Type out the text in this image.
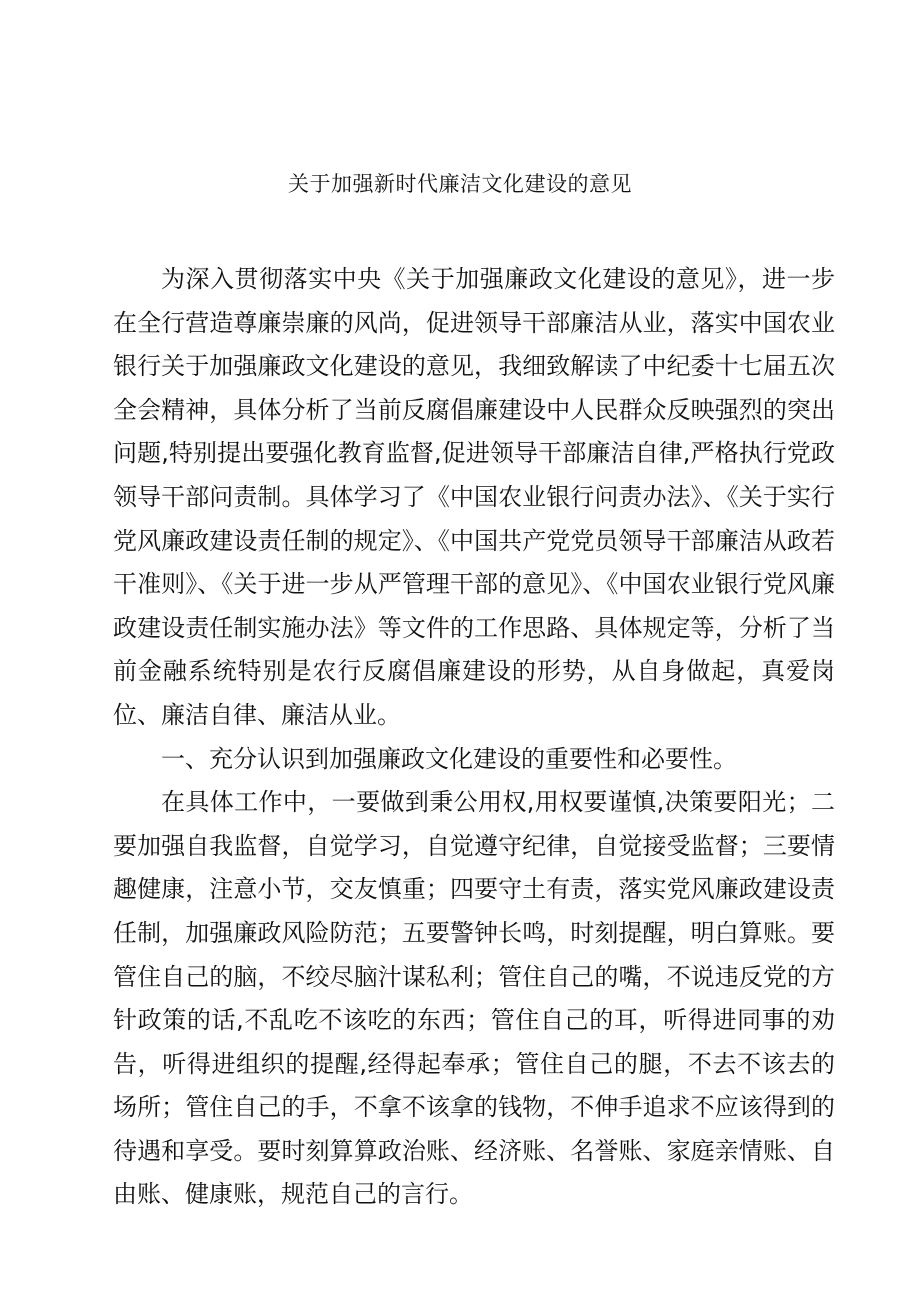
关于加强新时代廉洁文化建设的意见

为深入贯彻落实中央《关于加强廉政文化建设的意见》，进一步在全行营造尊廉崇廉的风尚，促进领导干部廉洁从业，落实中国农业银行关于加强廉政文化建设的意见，我细致解读了中纪委十七届五次全会精神，具体分析了当前反腐倡廉建设中人民群众反映强烈的突出问题,特别提出要强化教育监督,促进领导干部廉洁自律,严格执行党政领导干部问责制。具体学习了《中国农业银行问责办法》、《关于实行党风廉政建设责任制的规定》、《中国共产党党员领导干部廉洁从政若干准则》、《关于进一步从严管理干部的意见》、《中国农业银行党风廉政建设责任制实施办法》等文件的工作思路、具体规定等，分析了当前金融系统特别是农行反腐倡廉建设的形势，从自身做起，真爱岗位、廉洁自律、廉洁从业。

一、充分认识到加强廉政文化建设的重要性和必要性。

在具体工作中，一要做到秉公用权,用权要谨慎,决策要阳光；二要加强自我监督，自觉学习，自觉遵守纪律，自觉接受监督；三要情趣健康，注意小节，交友慎重；四要守土有责，落实党风廉政建设责任制，加强廉政风险防范；五要警钟长鸣，时刻提醒，明白算账。要管住自己的脑，不绞尽脑汁谋私利；管住自己的嘴，不说违反党的方针政策的话,不乱吃不该吃的东西；管住自己的耳，听得进同事的劝告，听得进组织的提醒,经得起奉承；管住自己的腿，不去不该去的场所；管住自己的手，不拿不该拿的钱物，不伸手追求不应该得到的待遇和享受。要时刻算算政治账、经济账、名誉账、家庭亲情账、自由账、健康账，规范自己的言行。
